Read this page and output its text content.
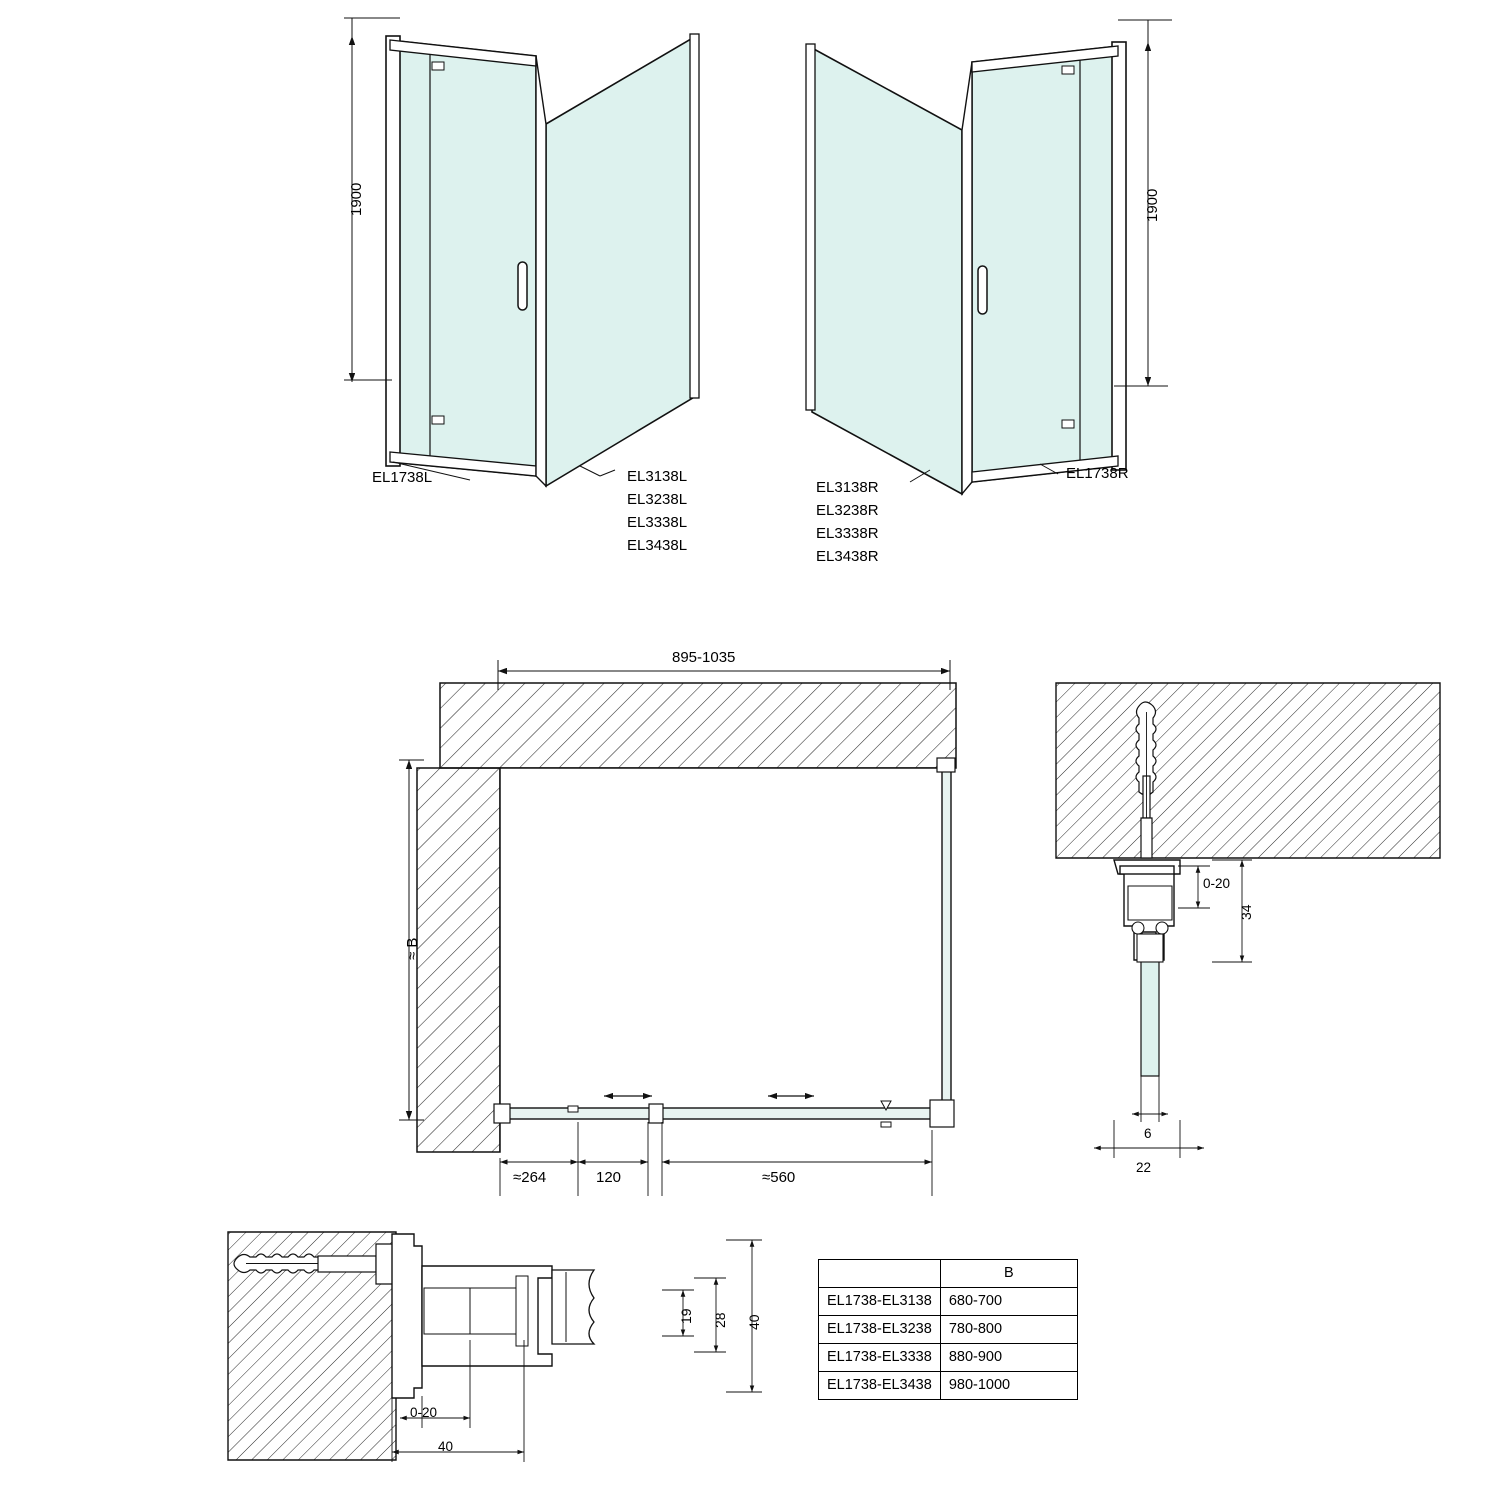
1900	1900
EL1738L	EL3138L
EL3238L
EL3338L
EL3438L
EL3138R
EL3238R
EL3338R
EL3438R
EL1738R
895-1035
≈ B
≈264	120	≈560
0-20
34
6
22
0-20
40
19 28
40
	B
EL1738-EL3138	680-700
EL1738-EL3238	780-800
EL1738-EL3338	880-900
EL1738-EL3438	980-1000
